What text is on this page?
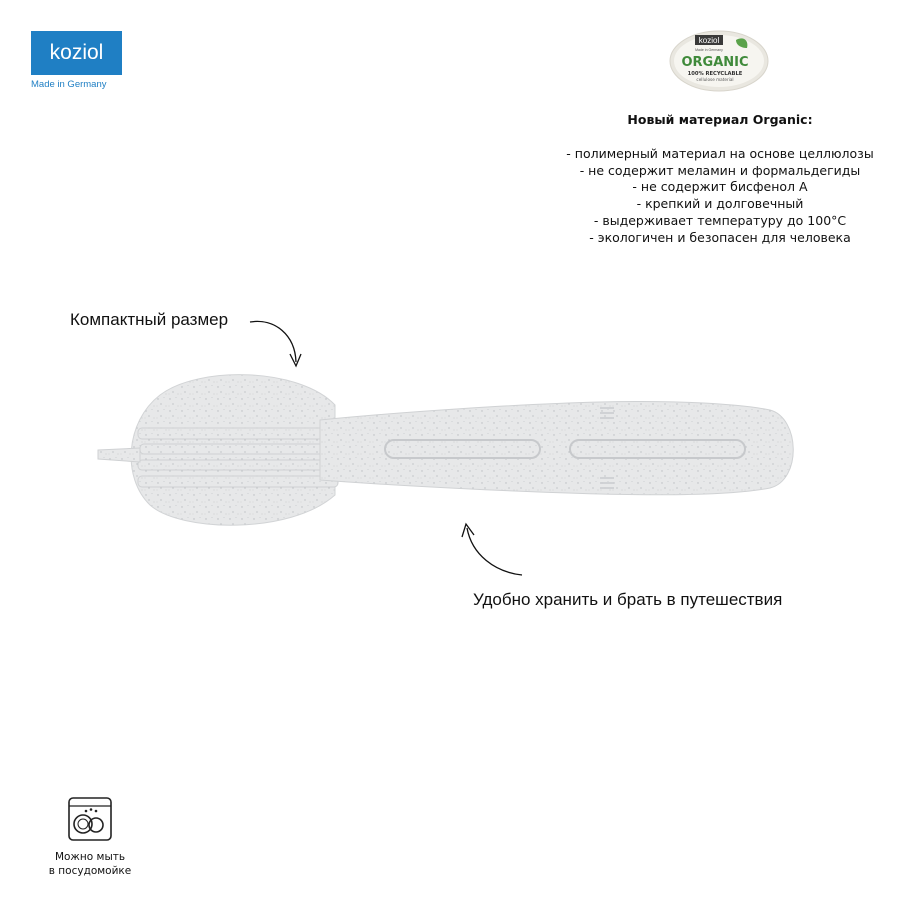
koziol
Made in Germany
koziol
Made in Germany
ORGANIC
100% RECYCLABLE
cellulose material
Новый материал Organic:
- полимерный материал на основе целлюлозы
- не содержит меламин и формальдегиды
- не содержит бисфенол А
- крепкий и долговечный
- выдерживает температуру до 100°С
- экологичен и безопасен для человека
Компактный размер
Удобно хранить и брать в путешествия
Можно мыть
в посудомойке
